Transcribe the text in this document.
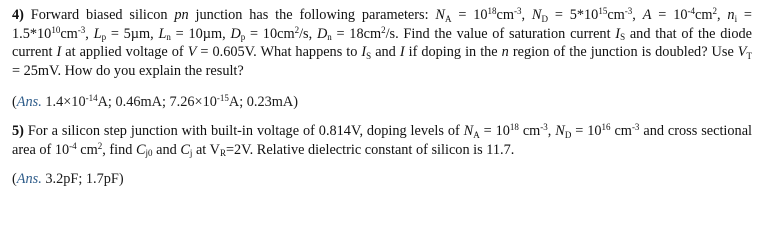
4) Forward biased silicon pn junction has the following parameters: $N_A = 10^{18}cm^{-3}$, $N_D = 5*10^{15}cm^{-3}$, $A = 10^{-4}cm^2$, $n_i = 1.5*10^{10}cm^{-3}$, $L_p = 5\mu m$, $L_n = 10\mu m$, $D_p = 10cm^2/s$, $D_n = 18cm^2/s$. Find the value of saturation current $I_S$ and that of the diode current I at applied voltage of V = 0.605V. What happens to $I_S$ and I if doping in the n region of the junction is doubled? Use $V_T = 25mV$. How do you explain the result?

(Ans. $1.4\times 10^{-14}A$; 0.46mA; $7.26\times 10^{-15}A$; 0.23mA)

5) For a silicon step junction with built-in voltage of 0.814V, doping levels of $N_A = 10^{18}$ $cm^{-3}$, $N_D = 10^{16}$ $cm^{-3}$ and cross sectional area of $10^{-4}$ $cm^2$, find $C_{j0}$ and $C_j$ at $V_R=2V$. Relative dielectric constant of silicon is 11.7.

(Ans. 3.2pF; 1.7pF)
